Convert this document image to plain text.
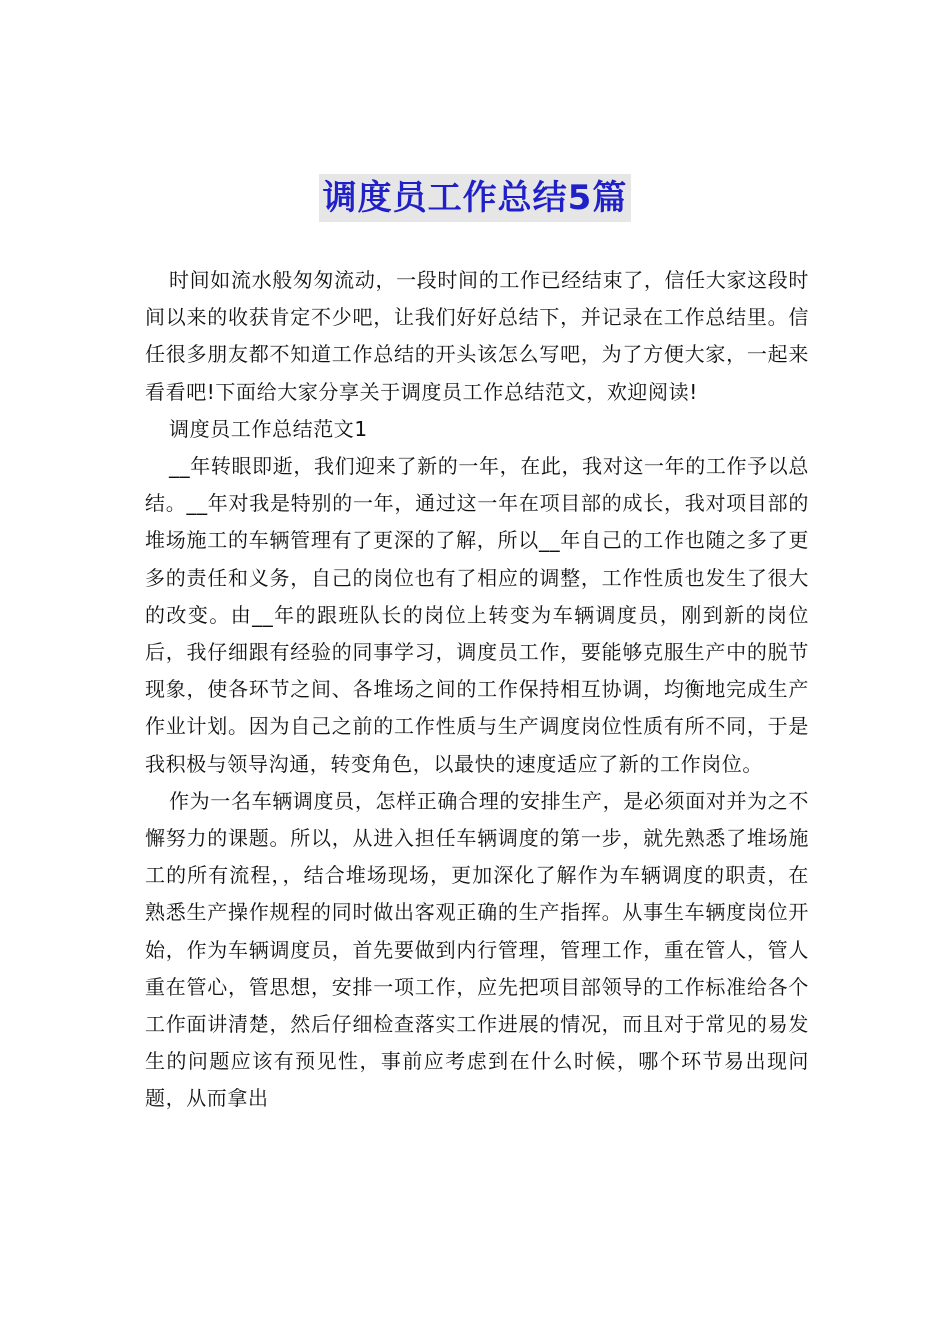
调度员工作总结5篇

时间如流水般匆匆流动，一段时间的工作已经结束了，信任大家这段时间以来的收获肯定不少吧，让我们好好总结下，并记录在工作总结里。信任很多朋友都不知道工作总结的开头该怎么写吧，为了方便大家，一起来看看吧!下面给大家分享关于调度员工作总结范文，欢迎阅读!

调度员工作总结范文1

__年转眼即逝，我们迎来了新的一年，在此，我对这一年的工作予以总结。__年对我是特别的一年，通过这一年在项目部的成长，我对项目部的堆场施工的车辆管理有了更深的了解，所以__年自己的工作也随之多了更多的责任和义务，自己的岗位也有了相应的调整，工作性质也发生了很大的改变。由__年的跟班队长的岗位上转变为车辆调度员，刚到新的岗位后，我仔细跟有经验的同事学习，调度员工作，要能够克服生产中的脱节现象，使各环节之间、各堆场之间的工作保持相互协调，均衡地完成生产作业计划。因为自己之前的工作性质与生产调度岗位性质有所不同，于是我积极与领导沟通，转变角色，以最快的速度适应了新的工作岗位。

作为一名车辆调度员，怎样正确合理的安排生产，是必须面对并为之不懈努力的课题。所以，从进入担任车辆调度的第一步，就先熟悉了堆场施工的所有流程，，结合堆场现场，更加深化了解作为车辆调度的职责，在熟悉生产操作规程的同时做出客观正确的生产指挥。从事生车辆度岗位开始，作为车辆调度员，首先要做到内行管理，管理工作，重在管人，管人重在管心，管思想，安排一项工作，应先把项目部领导的工作标准给各个工作面讲清楚，然后仔细检查落实工作进展的情况，而且对于常见的易发生的问题应该有预见性，事前应考虑到在什么时候，哪个环节易出现问题，从而拿出
